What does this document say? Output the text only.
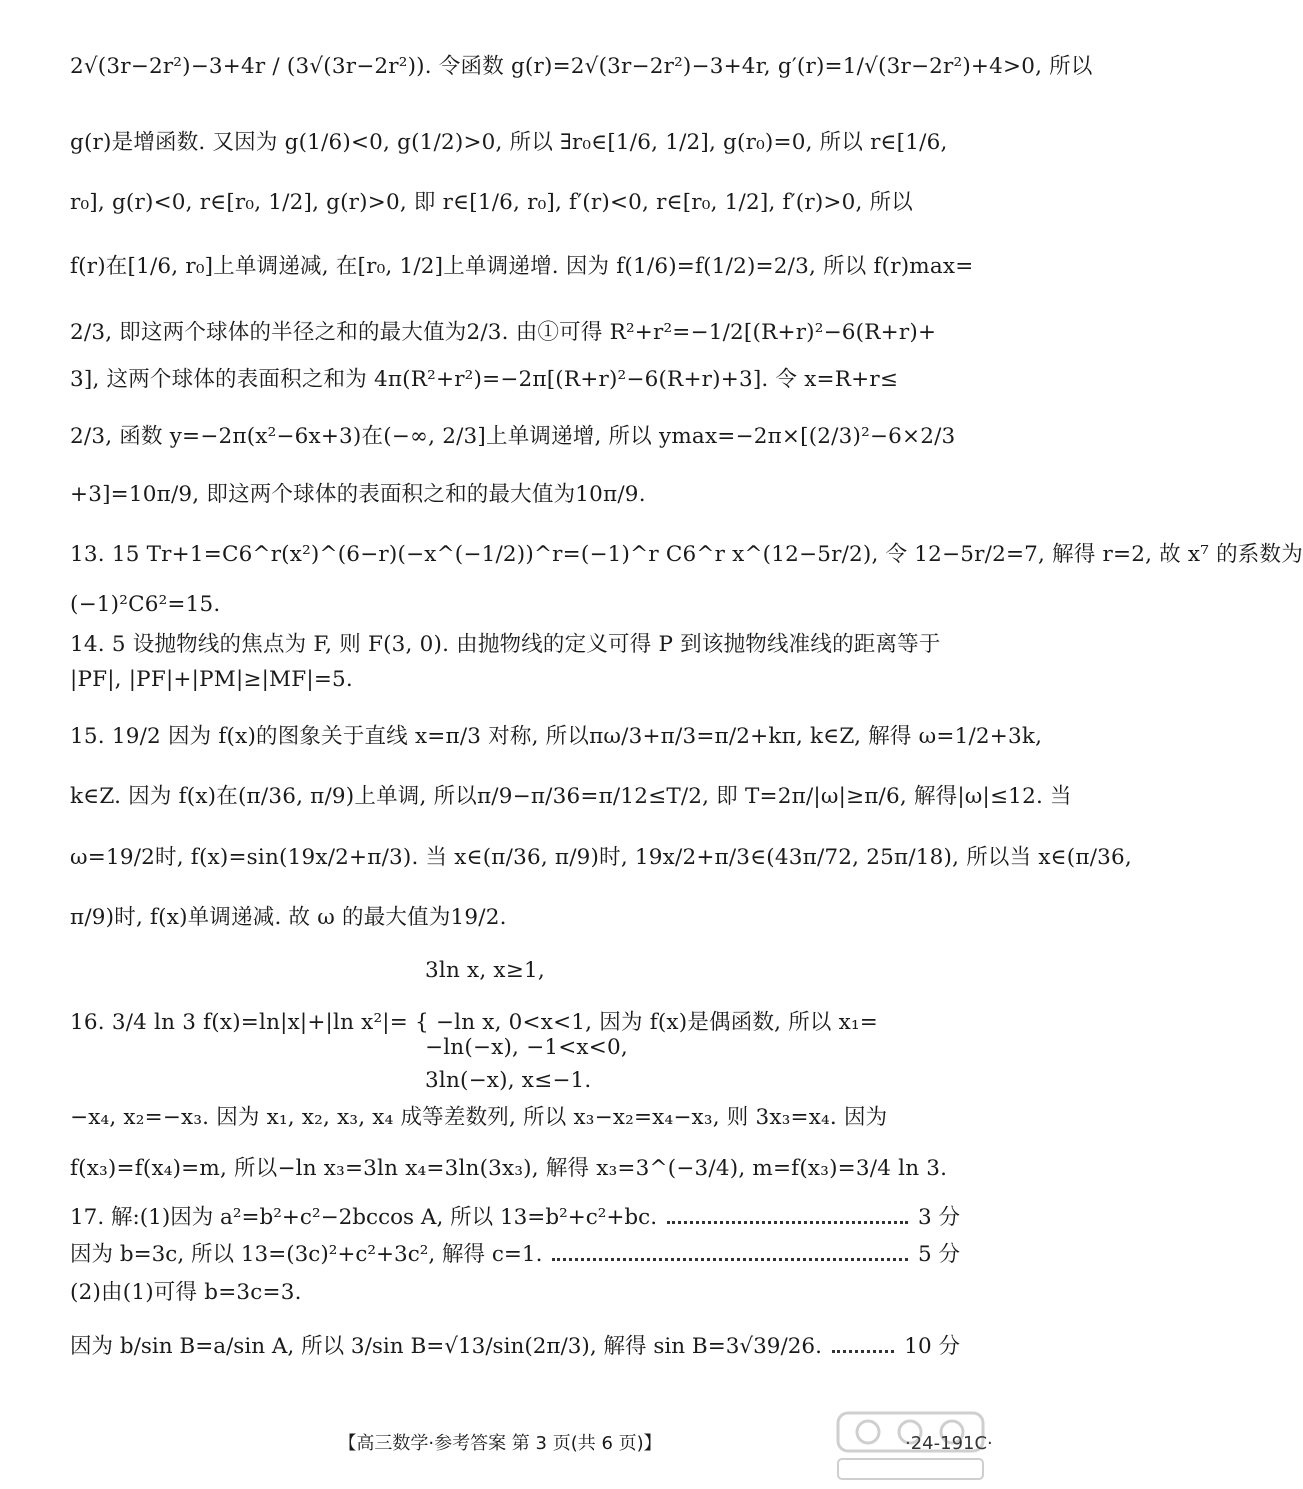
2√(3r−2r²)−3+4r / (3√(3r−2r²)). 令函数 g(r)=2√(3r−2r²)−3+4r, g′(r)=1/√(3r−2r²)+4>0, 所以
g(r)是增函数. 又因为 g(1/6)<0, g(1/2)>0, 所以 ∃r₀∈[1/6, 1/2], g(r₀)=0, 所以 r∈[1/6,
r₀], g(r)<0, r∈[r₀, 1/2], g(r)>0, 即 r∈[1/6, r₀], f′(r)<0, r∈[r₀, 1/2], f′(r)>0, 所以
f(r)在[1/6, r₀]上单调递减, 在[r₀, 1/2]上单调递增. 因为 f(1/6)=f(1/2)=2/3, 所以 f(r)max=
2/3, 即这两个球体的半径之和的最大值为2/3. 由①可得 R²+r²=−1/2[(R+r)²−6(R+r)+
3], 这两个球体的表面积之和为 4π(R²+r²)=−2π[(R+r)²−6(R+r)+3]. 令 x=R+r≤
2/3, 函数 y=−2π(x²−6x+3)在(−∞, 2/3]上单调递增, 所以 ymax=−2π×[(2/3)²−6×2/3
+3]=10π/9, 即这两个球体的表面积之和的最大值为10π/9.
13. 15 Tr+1=C6^r(x²)^(6−r)(−x^(−1/2))^r=(−1)^r C6^r x^(12−5r/2), 令 12−5r/2=7, 解得 r=2, 故 x⁷ 的系数为
(−1)²C6²=15.
14. 5 设抛物线的焦点为 F, 则 F(3, 0). 由抛物线的定义可得 P 到该抛物线准线的距离等于
|PF|, |PF|+|PM|≥|MF|=5.
15. 19/2 因为 f(x)的图象关于直线 x=π/3 对称, 所以πω/3+π/3=π/2+kπ, k∈Z, 解得 ω=1/2+3k,
k∈Z. 因为 f(x)在(π/36, π/9)上单调, 所以π/9−π/36=π/12≤T/2, 即 T=2π/|ω|≥π/6, 解得|ω|≤12. 当
ω=19/2时, f(x)=sin(19x/2+π/3). 当 x∈(π/36, π/9)时, 19x/2+π/3∈(43π/72, 25π/18), 所以当 x∈(π/36,
π/9)时, f(x)单调递减. 故 ω 的最大值为19/2.
3ln x, x≥1,
16. 3/4 ln 3 f(x)=ln|x|+|ln x²|= { −ln x, 0<x<1, 因为 f(x)是偶函数, 所以 x₁=
−ln(−x), −1<x<0,
3ln(−x), x≤−1.
−x₄, x₂=−x₃. 因为 x₁, x₂, x₃, x₄ 成等差数列, 所以 x₃−x₂=x₄−x₃, 则 3x₃=x₄. 因为
f(x₃)=f(x₄)=m, 所以−ln x₃=3ln x₄=3ln(3x₃), 解得 x₃=3^(−3/4), m=f(x₃)=3/4 ln 3.
17. 解:(1)因为 a²=b²+c²−2bccos A, 所以 13=b²+c²+bc.	3 分
因为 b=3c, 所以 13=(3c)²+c²+3c², 解得 c=1.	5 分
(2)由(1)可得 b=3c=3.
因为 b/sin B=a/sin A, 所以 3/sin B=√13/sin(2π/3), 解得 sin B=3√39/26.	10 分
【高三数学·参考答案 第 3 页(共 6 页)】	·24-191C·
